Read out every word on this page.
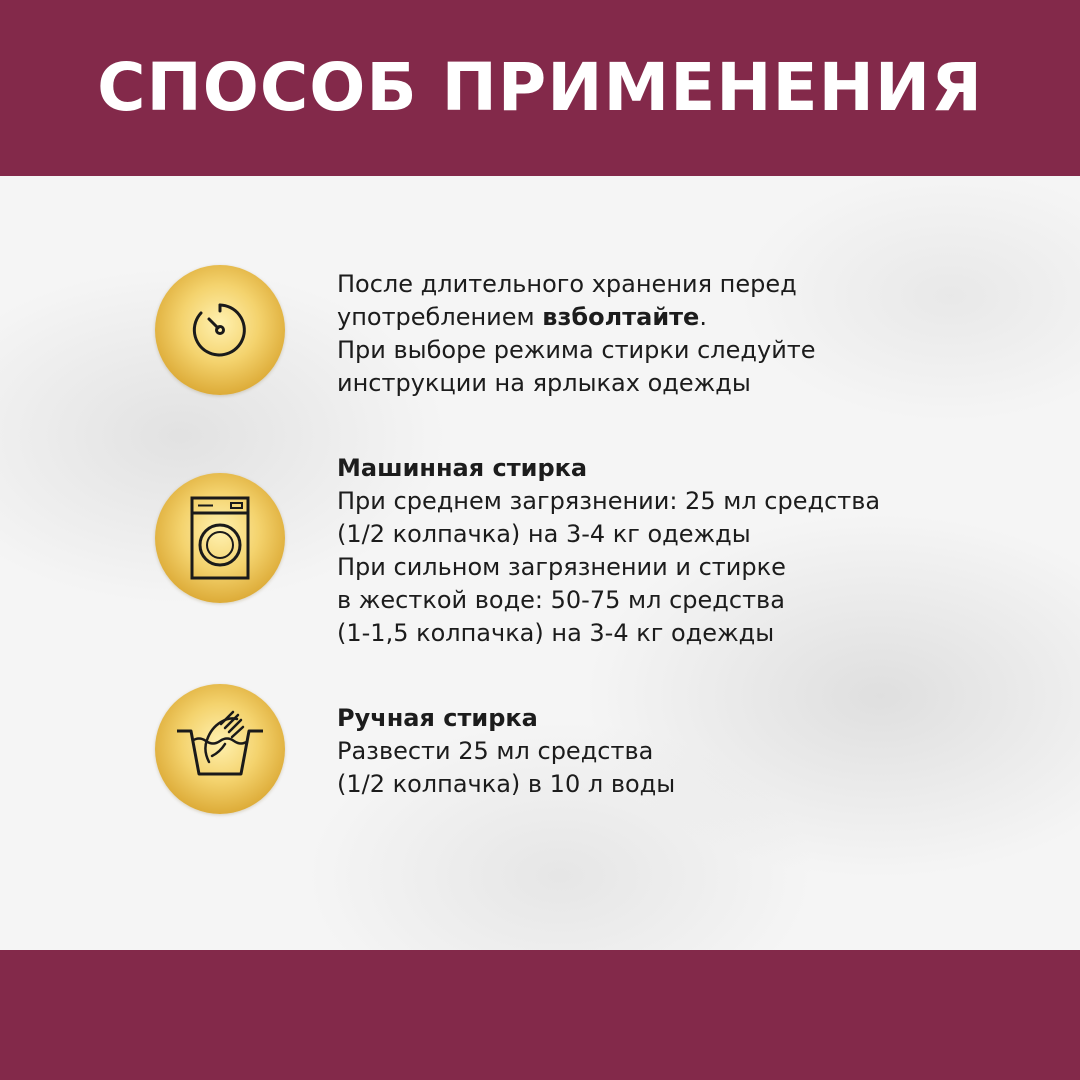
СПОСОБ ПРИМЕНЕНИЯ
После длительного хранения перед
употреблением взболтайте.
При выборе режима стирки следуйте
инструкции на ярлыках одежды
Машинная стирка
При среднем загрязнении: 25 мл средства
(1/2 колпачка) на 3-4 кг одежды
При сильном загрязнении и стирке
в жесткой воде: 50-75 мл средства
(1-1,5 колпачка) на 3-4 кг одежды
Ручная стирка
Развести 25 мл средства
(1/2 колпачка) в 10 л воды
